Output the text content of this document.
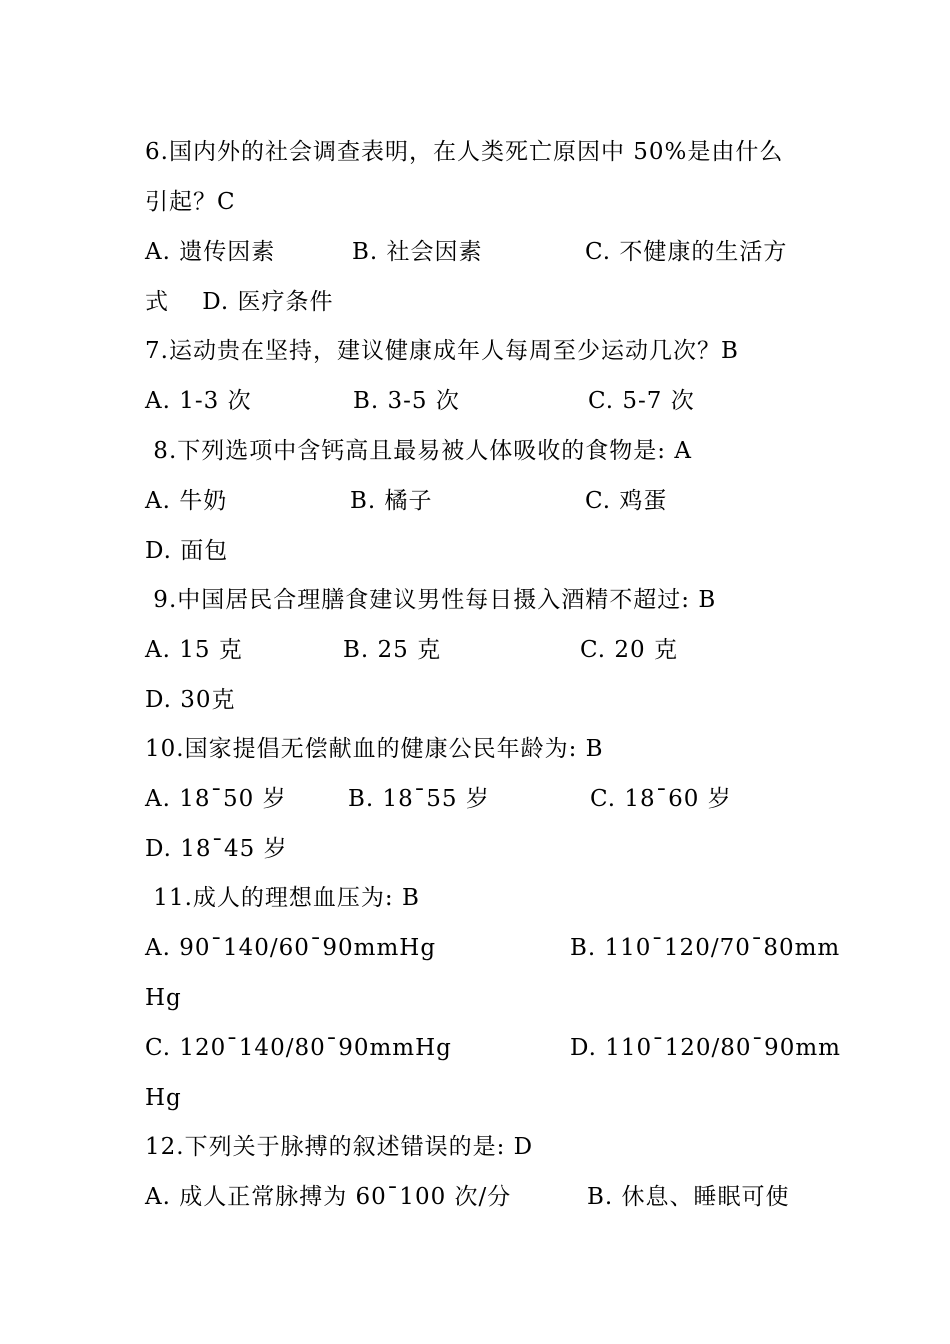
6.国内外的社会调查表明，在人类死亡原因中 50%是由什么
引起？C

A. 遗传因素

	B. 社会因素

	C. 不健康的生活方

式    D. 医疗条件
7.运动贵在坚持，建议健康成年人每周至少运动几次？B

A. 1-3 次

	B. 3-5 次

	C. 5-7 次

8.下列选项中含钙高且最易被人体吸收的食物是: A

A. 牛奶

	B. 橘子

	C. 鸡蛋

D. 面包
9.中国居民合理膳食建议男性每日摄入酒精不超过: B

A. 15 克

	B. 25 克

	C. 20 克

D. 30克
10.国家提倡无偿献血的健康公民年龄为: B

A. 18¯50 岁

	B. 18¯55 岁

	C. 18¯60 岁

D. 18¯45 岁
11.成人的理想血压为: B

A. 90¯140/60¯90mmHg

	B. 110¯120/70¯80mm

Hg

C. 120¯140/80¯90mmHg

	D. 110¯120/80¯90mm

Hg
12.下列关于脉搏的叙述错误的是: D

A. 成人正常脉搏为 60¯100 次/分

	B. 休息、睡眠可使
